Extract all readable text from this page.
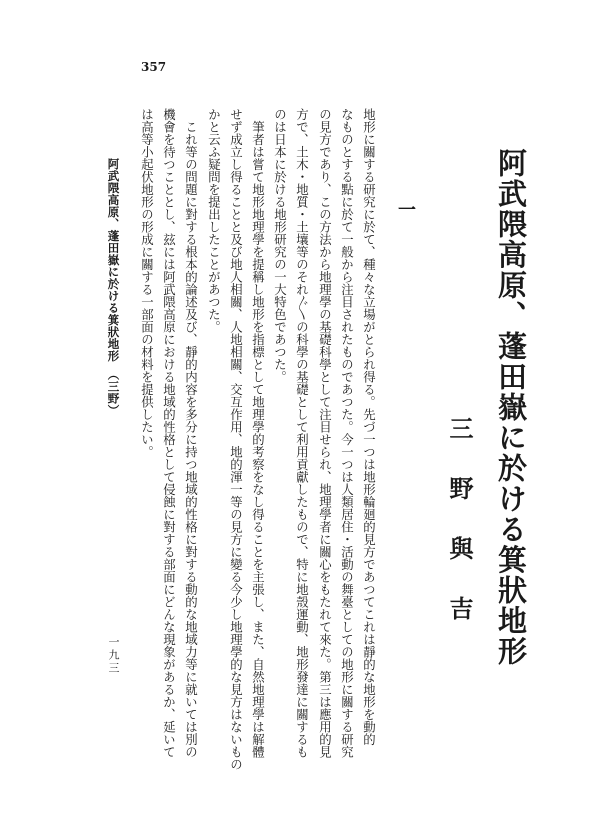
357
阿武隈高原、蓬田嶽に於ける箕狀地形
一
三野與吉
地形に關する研究に於て、種々な立場がとられ得る。先づ一つは地形輪廻的見方であつてこれは靜的な地形を動的
なものとする點に於て一般から注目されたものであつた。今一つは人類居住・活動の舞臺としての地形に關する研究
の見方であり、この方法から地理學の基礎科學として注目せられ、地理學者に關心をもたれて來た。第三は應用的見
方で、土木・地質・土壤等のそれ〴〵の科學の基礎として利用貢獻したもので、特に地殼運動、地形發達に關するも
のは日本に於ける地形研究の一大特色であつた。
　筆者は嘗て地形地理學を提稱し地形を指標として地理學的考察をなし得ることを主張し、また、自然地理學は解體
せず成立し得ることと及び地人相關、人地相關、交互作用、地的渾一等の見方に變る今少し地理學的な見方はないもの
かと云ふ疑問を提出したことがあつた。
　これ等の問題に對する根本的論述及び、靜的内容を多分に持つ地域的性格に對する動的な地域力等に就いては別の
機會を待つこととし、玆には阿武隈高原における地域的性格として侵蝕に對する部面にどんな現象があるか、延いて
は高等小起伏地形の形成に關する一部面の材料を提供したい。
阿武隈高原、蓬田嶽に於ける箕狀地形　（三野）
一九三
